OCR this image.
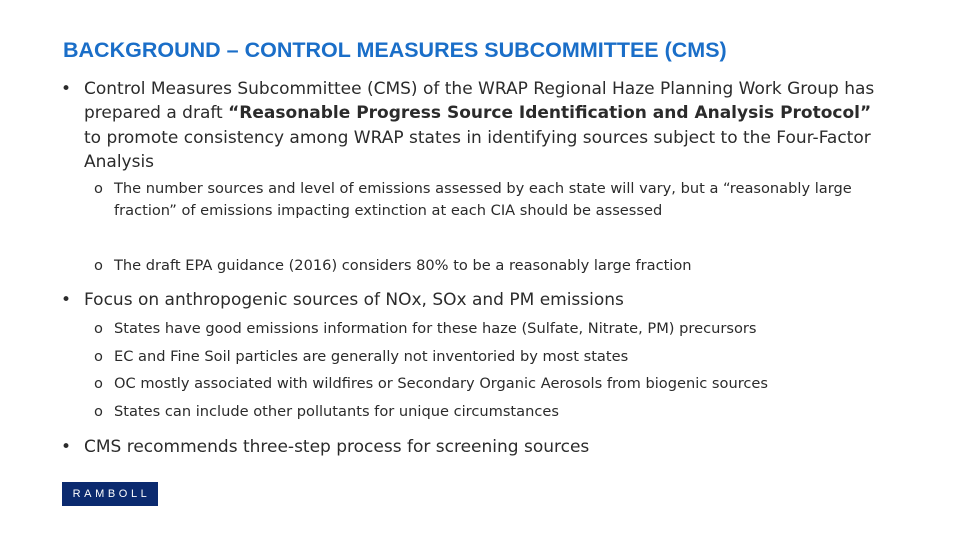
BACKGROUND – CONTROL MEASURES SUBCOMMITTEE (CMS)
• Control Measures Subcommittee (CMS) of the WRAP Regional Haze Planning Work Group has prepared a draft “Reasonable Progress Source Identification and Analysis Protocol” to promote consistency among WRAP states in identifying sources subject to the Four-Factor Analysis
o The number sources and level of emissions assessed by each state will vary, but a “reasonably large fraction” of emissions impacting extinction at each CIA should be assessed
o The draft EPA guidance (2016) considers 80% to be a reasonably large fraction
• Focus on anthropogenic sources of NOx, SOx and PM emissions
o States have good emissions information for these haze (Sulfate, Nitrate, PM) precursors
o EC and Fine Soil particles are generally not inventoried by most states
o OC mostly associated with wildfires or Secondary Organic Aerosols from biogenic sources
o States can include other pollutants for unique circumstances
• CMS recommends three-step process for screening sources
RAMBOLL
